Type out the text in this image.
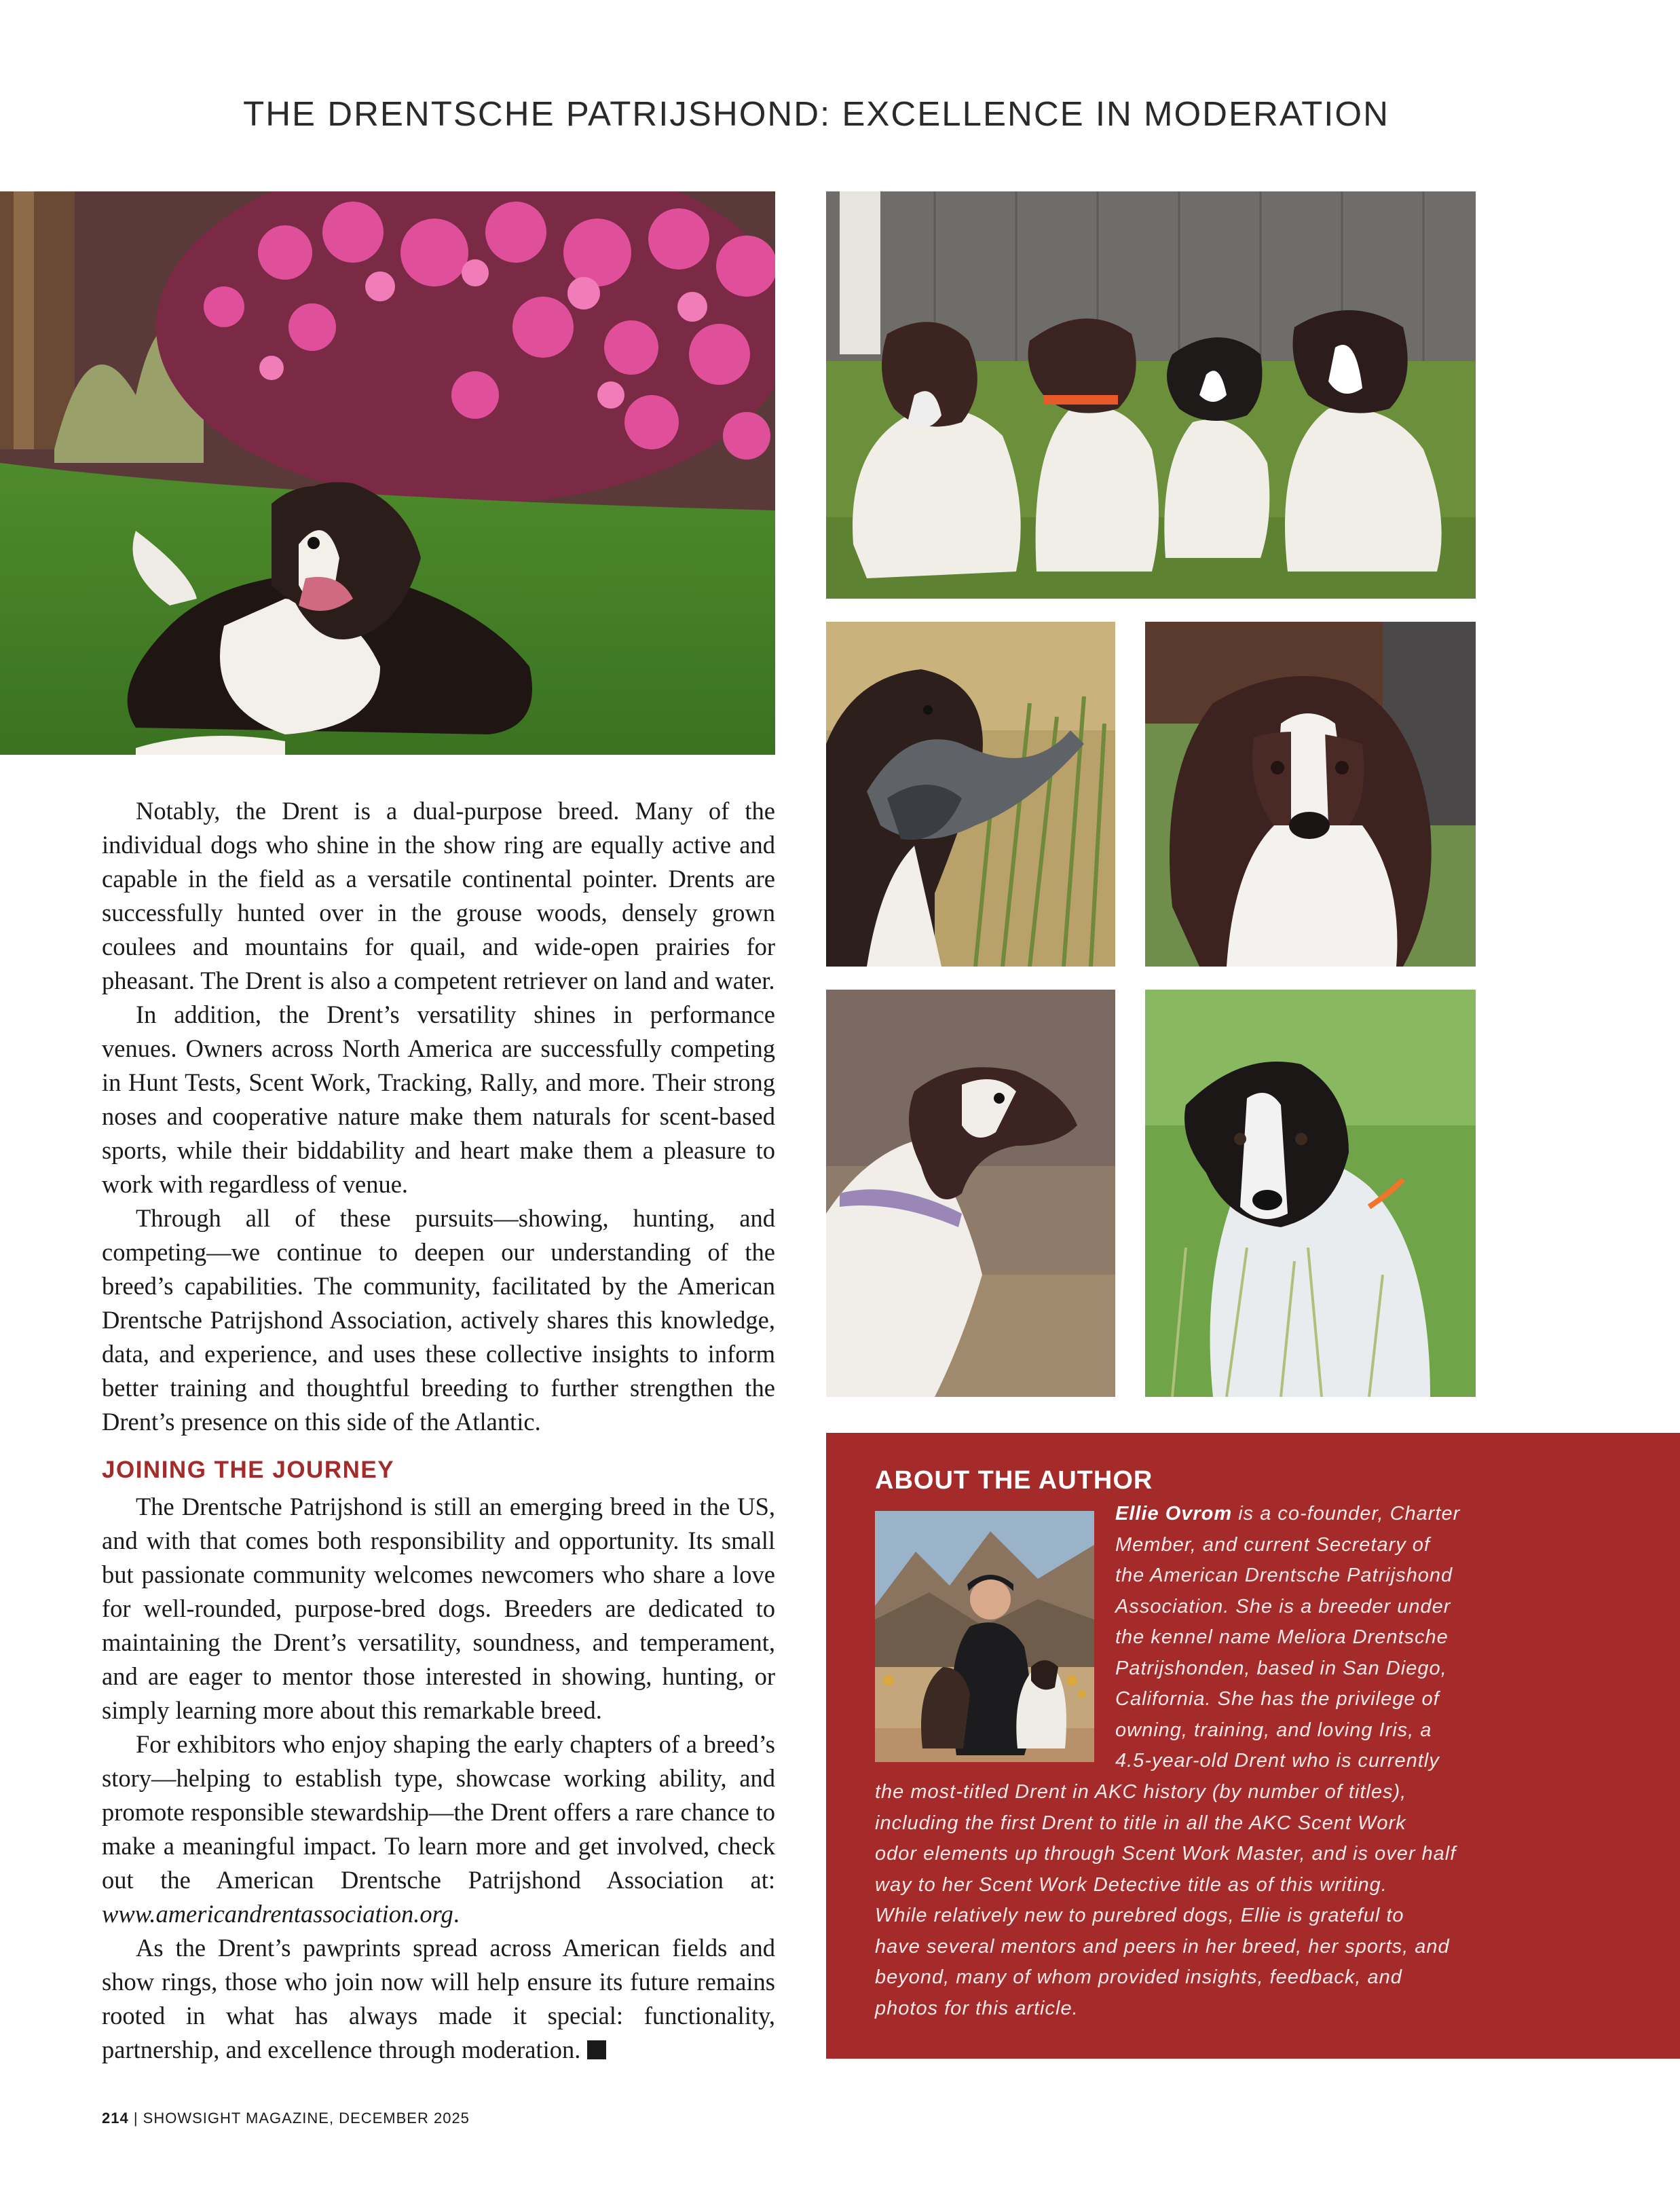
THE DRENTSCHE PATRIJSHOND: EXCELLENCE IN MODERATION

Notably, the Drent is a dual-purpose breed. Many of the individual dogs who shine in the show ring are equally active and capable in the field as a versatile continental pointer. Drents are successfully hunted over in the grouse woods, densely grown coulees and mountains for quail, and wide-open prairies for pheasant. The Drent is also a competent retriever on land and water.

In addition, the Drent’s versatility shines in performance venues. Owners across North America are successfully competing in Hunt Tests, Scent Work, Tracking, Rally, and more. Their strong noses and cooperative nature make them naturals for scent-based sports, while their biddability and heart make them a pleasure to work with regardless of venue.

Through all of these pursuits—showing, hunting, and competing—we continue to deepen our understanding of the breed’s capabilities. The community, facilitated by the American Drentsche Patrijshond Association, actively shares this knowledge, data, and experience, and uses these collective insights to inform better training and thoughtful breeding to further strengthen the Drent’s presence on this side of the Atlantic.

JOINING THE JOURNEY

The Drentsche Patrijshond is still an emerging breed in the US, and with that comes both responsibility and opportunity. Its small but passionate community welcomes newcomers who share a love for well-rounded, purpose-bred dogs. Breeders are dedicated to maintaining the Drent’s versatility, soundness, and temperament, and are eager to mentor those interested in showing, hunting, or simply learning more about this remarkable breed.

For exhibitors who enjoy shaping the early chapters of a breed’s story—helping to establish type, showcase working ability, and promote responsible stewardship—the Drent offers a rare chance to make a meaningful impact. To learn more and get involved, check out the American Drentsche Patrijshond Association at: www.americandrentassociation.org.

As the Drent’s pawprints spread across American fields and show rings, those who join now will help ensure its future remains rooted in what has always made it special: functionality, partnership, and excellence through moderation.

ABOUT THE AUTHOR
Ellie Ovrom is a co-founder, Charter
Member, and current Secretary of
the American Drentsche Patrijshond
Association. She is a breeder under
the kennel name Meliora Drentsche
Patrijshonden, based in San Diego,
California. She has the privilege of
owning, training, and loving Iris, a
4.5-year-old Drent who is currently
the most-titled Drent in AKC history (by number of titles),
including the first Drent to title in all the AKC Scent Work
odor elements up through Scent Work Master, and is over half
way to her Scent Work Detective title as of this writing.
While relatively new to purebred dogs, Ellie is grateful to
have several mentors and peers in her breed, her sports, and
beyond, many of whom provided insights, feedback, and
photos for this article.
214 | SHOWSIGHT MAGAZINE, DECEMBER 2025
